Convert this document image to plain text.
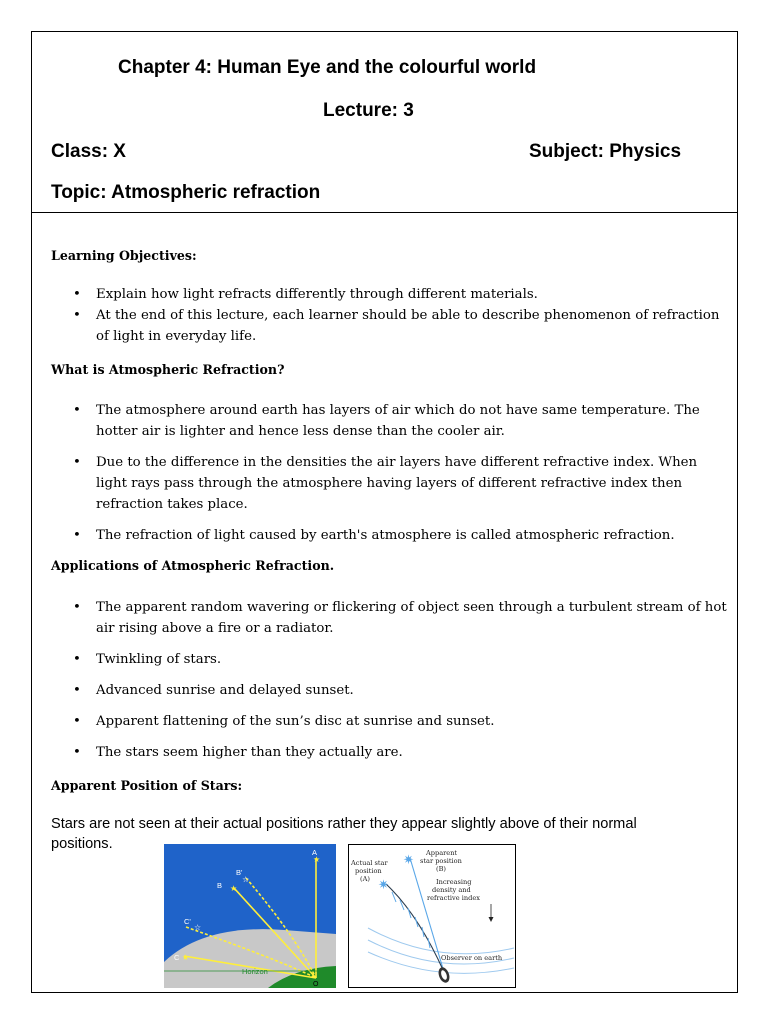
Chapter 4: Human Eye and the colourful world
Lecture: 3
Class: X	Subject: Physics
Topic: Atmospheric refraction
Learning Objectives:
• Explain how light refracts differently through different materials.
• At the end of this lecture, each learner should be able to describe phenomenon of refraction of light in everyday life.
What is Atmospheric Refraction?
• The atmosphere around earth has layers of air which do not have same temperature. The hotter air is lighter and hence less dense than the cooler air.
• Due to the difference in the densities the air layers have different refractive index. When light rays pass through the atmosphere having layers of different refractive index then refraction takes place.
• The refraction of light caused by earth's atmosphere is called atmospheric refraction.
Applications of Atmospheric Refraction.
• The apparent random wavering or flickering of object seen through a turbulent stream of hot air rising above a fire or a radiator.
• Twinkling of stars.
• Advanced sunrise and delayed sunset.
• Apparent flattening of the sun’s disc at sunrise and sunset.
• The stars seem higher than they actually are.
Apparent Position of Stars:
Stars are not seen at their actual positions rather they appear slightly above of their normal positions.
★
★
☆
☆
★
A
B'
B
C'
C
Horizon
O
✷
✷
Apparent
star position
(B)
Actual star
position
(A)	Increasing
density and
refractive index
Observer on earth
